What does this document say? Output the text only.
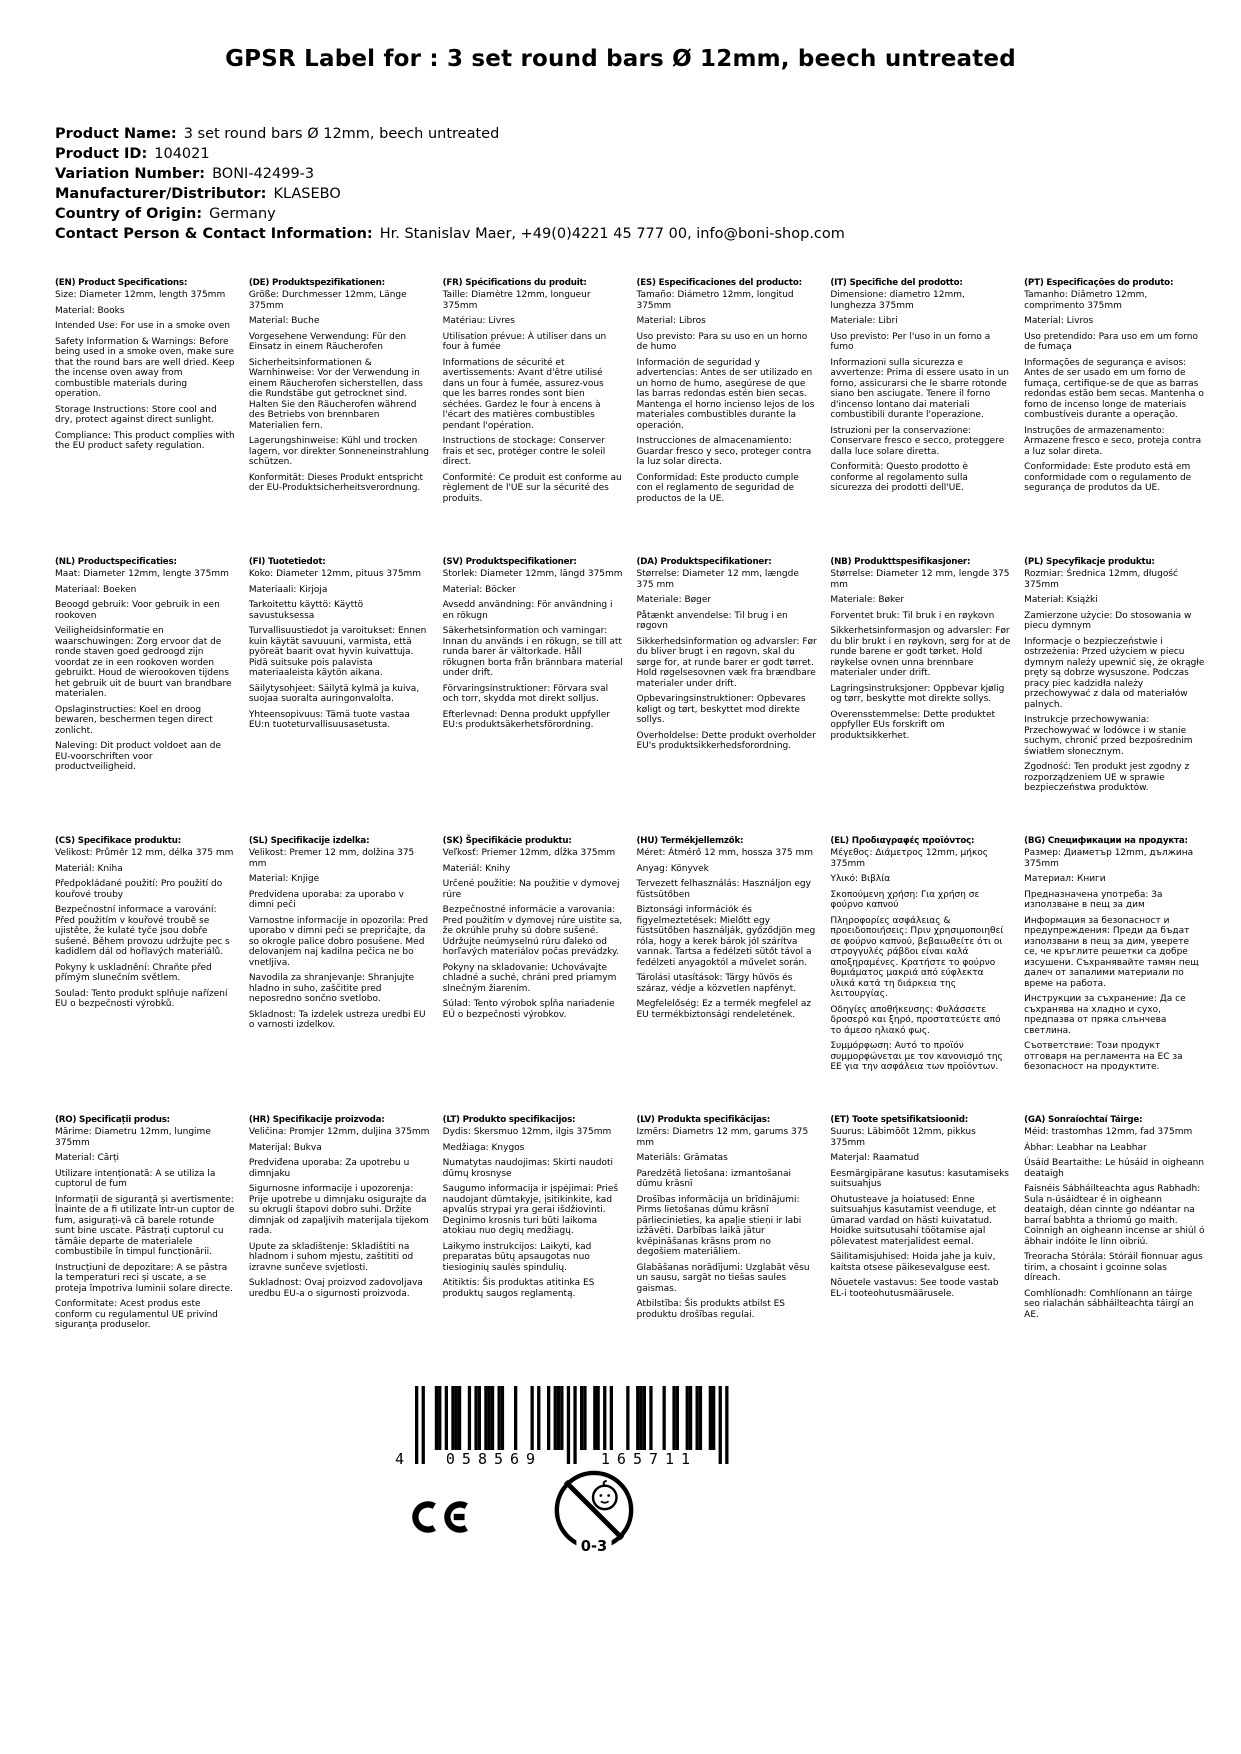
GPSR Label for : 3 set round bars Ø 12mm, beech untreated

Product Name: 3 set round bars Ø 12mm, beech untreated

Product ID: 104021

Variation Number: BONI-42499-3

Manufacturer/Distributor: KLASEBO

Country of Origin: Germany

Contact Person & Contact Information: Hr. Stanislav Maer, +49(0)4221 45 777 00, info@boni-shop.com

(EN) Product Specifications:

Size: Diameter 12mm, length 375mm

Material: Books

Intended Use: For use in a smoke oven

Safety Information & Warnings: Before being used in a smoke oven, make sure that the round bars are well dried. Keep the incense oven away from combustible materials during operation.

Storage Instructions: Store cool and dry, protect against direct sunlight.

Compliance: This product complies with the EU product safety regulation.

(DE) Produktspezifikationen:

Größe: Durchmesser 12mm, Länge 375mm

Material: Buche

Vorgesehene Verwendung: Für den Einsatz in einem Räucherofen

Sicherheitsinformationen & Warnhinweise: Vor der Verwendung in einem Räucherofen sicherstellen, dass die Rundstäbe gut getrocknet sind. Halten Sie den Räucherofen während des Betriebs von brennbaren Materialien fern.

Lagerungshinweise: Kühl und trocken lagern, vor direkter Sonneneinstrahlung schützen.

Konformität: Dieses Produkt entspricht der EU-Produktsicherheitsverordnung.

(FR) Spécifications du produit:

Taille: Diamètre 12mm, longueur 375mm

Matériau: Livres

Utilisation prévue: À utiliser dans un four à fumée

Informations de sécurité et avertissements: Avant d'être utilisé dans un four à fumée, assurez-vous que les barres rondes sont bien séchées. Gardez le four à encens à l'écart des matières combustibles pendant l'opération.

Instructions de stockage: Conserver frais et sec, protéger contre le soleil direct.

Conformité: Ce produit est conforme au règlement de l'UE sur la sécurité des produits.

(ES) Especificaciones del producto:

Tamaño: Diámetro 12mm, longitud 375mm

Material: Libros

Uso previsto: Para su uso en un horno de humo

Información de seguridad y advertencias: Antes de ser utilizado en un horno de humo, asegúrese de que las barras redondas estén bien secas. Mantenga el horno incienso lejos de los materiales combustibles durante la operación.

Instrucciones de almacenamiento: Guardar fresco y seco, proteger contra la luz solar directa.

Conformidad: Este producto cumple con el reglamento de seguridad de productos de la UE.

(IT) Specifiche del prodotto:

Dimensione: diametro 12mm, lunghezza 375mm

Materiale: Libri

Uso previsto: Per l'uso in un forno a fumo

Informazioni sulla sicurezza e avvertenze: Prima di essere usato in un forno, assicurarsi che le sbarre rotonde siano ben asciugate. Tenere il forno d'incenso lontano dai materiali combustibili durante l'operazione.

Istruzioni per la conservazione: Conservare fresco e secco, proteggere dalla luce solare diretta.

Conformità: Questo prodotto è conforme al regolamento sulla sicurezza dei prodotti dell'UE.

(PT) Especificações do produto:

Tamanho: Diâmetro 12mm, comprimento 375mm

Material: Livros

Uso pretendido: Para uso em um forno de fumaça

Informações de segurança e avisos: Antes de ser usado em um forno de fumaça, certifique-se de que as barras redondas estão bem secas. Mantenha o forno de incenso longe de materiais combustíveis durante a operação.

Instruções de armazenamento: Armazene fresco e seco, proteja contra a luz solar direta.

Conformidade: Este produto está em conformidade com o regulamento de segurança de produtos da UE.

(NL) Productspecificaties:

Maat: Diameter 12mm, lengte 375mm

Materiaal: Boeken

Beoogd gebruik: Voor gebruik in een rookoven

Veiligheidsinformatie en waarschuwingen: Zorg ervoor dat de ronde staven goed gedroogd zijn voordat ze in een rookoven worden gebruikt. Houd de wierookoven tijdens het gebruik uit de buurt van brandbare materialen.

Opslaginstructies: Koel en droog bewaren, beschermen tegen direct zonlicht.

Naleving: Dit product voldoet aan de EU-voorschriften voor productveiligheid.

(FI) Tuotetiedot:

Koko: Diameter 12mm, pituus 375mm

Materiaali: Kirjoja

Tarkoitettu käyttö: Käyttö savustuksessa

Turvallisuustiedot ja varoitukset: Ennen kuin käytät savuuuni, varmista, että pyöreät baarit ovat hyvin kuivattuja. Pidä suitsuke pois palavista materiaaleista käytön aikana.

Säilytysohjeet: Säilytä kylmä ja kuiva, suojaa suoralta auringonvalolta.

Yhteensopivuus: Tämä tuote vastaa EU:n tuoteturvallisuusasetusta.

(SV) Produktspecifikationer:

Storlek: Diameter 12mm, längd 375mm

Material: Böcker

Avsedd användning: För användning i en rökugn

Säkerhetsinformation och varningar: Innan du används i en rökugn, se till att runda barer är vältorkade. Håll rökugnen borta från brännbara material under drift.

Förvaringsinstruktioner: Förvara sval och torr, skydda mot direkt solljus.

Efterlevnad: Denna produkt uppfyller EU:s produktsäkerhetsförordning.

(DA) Produktspecifikationer:

Størrelse: Diameter 12 mm, længde 375 mm

Materiale: Bøger

Påtænkt anvendelse: Til brug i en røgovn

Sikkerhedsinformation og advarsler: Før du bliver brugt i en røgovn, skal du sørge for, at runde barer er godt tørret. Hold røgelsesovnen væk fra brændbare materialer under drift.

Opbevaringsinstruktioner: Opbevares køligt og tørt, beskyttet mod direkte sollys.

Overholdelse: Dette produkt overholder EU's produktsikkerhedsforordning.

(NB) Produkttspesifikasjoner:

Størrelse: Diameter 12 mm, lengde 375 mm

Materiale: Bøker

Forventet bruk: Til bruk i en røykovn

Sikkerhetsinformasjon og advarsler: Før du blir brukt i en røykovn, sørg for at de runde barene er godt tørket. Hold røykelse ovnen unna brennbare materialer under drift.

Lagringsinstruksjoner: Oppbevar kjølig og tørr, beskytte mot direkte sollys.

Overensstemmelse: Dette produktet oppfyller EUs forskrift om produktsikkerhet.

(PL) Specyfikacje produktu:

Rozmiar: Średnica 12mm, długość 375mm

Materiał: Książki

Zamierzone użycie: Do stosowania w piecu dymnym

Informacje o bezpieczeństwie i ostrzeżenia: Przed użyciem w piecu dymnym należy upewnić się, że okrągłe pręty są dobrze wysuszone. Podczas pracy piec kadzidła należy przechowywać z dala od materiałów palnych.

Instrukcje przechowywania: Przechowywać w lodówce i w stanie suchym, chronić przed bezpośrednim światłem słonecznym.

Zgodność: Ten produkt jest zgodny z rozporządzeniem UE w sprawie bezpieczeństwa produktów.

(CS) Specifikace produktu:

Velikost: Průměr 12 mm, délka 375 mm

Materiál: Kniha

Předpokládané použití: Pro použití do kouřové trouby

Bezpečnostní informace a varování: Před použitím v kouřové troubě se ujistěte, že kulaté tyče jsou dobře sušené. Během provozu udržujte pec s kadidlem dál od hořlavých materiálů.

Pokyny k uskladnění: Chraňte před přímým slunečním světlem.

Soulad: Tento produkt splňuje nařízení EU o bezpečnosti výrobků.

(SL) Specifikacije izdelka:

Velikost: Premer 12 mm, dolžina 375 mm

Material: Knjige

Predvidena uporaba: za uporabo v dimni peči

Varnostne informacije in opozorila: Pred uporabo v dimni peči se prepričajte, da so okrogle palice dobro posušene. Med delovanjem naj kadilna pečica ne bo vnetljiva.

Navodila za shranjevanje: Shranjujte hladno in suho, zaščitite pred neposredno sončno svetlobo.

Skladnost: Ta izdelek ustreza uredbi EU o varnosti izdelkov.

(SK) Špecifikácie produktu:

Veľkosť: Priemer 12mm, dĺžka 375mm

Materiál: Knihy

Určené použitie: Na použitie v dymovej rúre

Bezpečnostné informácie a varovania: Pred použitím v dymovej rúre uistite sa, že okrúhle pruhy sú dobre sušené. Udržujte neúmyselnú rúru ďaleko od horľavých materiálov počas prevádzky.

Pokyny na skladovanie: Uchovávajte chladné a suché, chráni pred priamym slnečným žiarením.

Súlad: Tento výrobok spĺňa nariadenie EÚ o bezpečnosti výrobkov.

(HU) Termékjellemzők:

Méret: Átmérő 12 mm, hossza 375 mm

Anyag: Könyvek

Tervezett felhasználás: Használjon egy füstsütőben

Biztonsági információk és figyelmeztetések: Mielőtt egy füstsütőben használják, győződjön meg róla, hogy a kerek bárok jól szárítva vannak. Tartsa a fedélzeti sütőt távol a fedélzeti anyagoktól a művelet során.

Tárolási utasítások: Tárgy hűvös és száraz, védje a közvetlen napfényt.

Megfelelőség: Ez a termék megfelel az EU termékbiztonsági rendeletének.

(EL) Προδιαγραφές προϊόντος:

Μέγεθος: Διάμετρος 12mm, μήκος 375mm

Υλικό: Βιβλία

Σκοπούμενη χρήση: Για χρήση σε φούρνο καπνού

Πληροφορίες ασφάλειας & προειδοποιήσεις: Πριν χρησιμοποιηθεί σε φούρνο καπνού, βεβαιωθείτε ότι οι στρογγυλές ράβδοι είναι καλά αποξηραμένες. Κρατήστε το φούρνο θυμιάματος μακριά από εύφλεκτα υλικά κατά τη διάρκεια της λειτουργίας.

Οδηγίες αποθήκευσης: Φυλάσσετε δροσερό και ξηρό, προστατεύετε από το άμεσο ηλιακό φως.

Συμμόρφωση: Αυτό το προϊόν συμμορφώνεται με τον κανονισμό της ΕΕ για την ασφάλεια των προϊόντων.

(BG) Спецификации на продукта:

Размер: Диаметър 12mm, дължина 375mm

Материал: Книги

Предназначена употреба: За използване в пещ за дим

Информация за безопасност и предупреждения: Преди да бъдат използвани в пещ за дим, уверете се, че кръглите решетки са добре изсушени. Съхранявайте тамян пещ далеч от запалими материали по време на работа.

Инструкции за съхранение: Да се съхранява на хладно и сухо, предпазва от пряка слънчева светлина.

Съответствие: Този продукт отговаря на регламента на ЕС за безопасност на продуктите.

(RO) Specificații produs:

Mărime: Diametru 12mm, lungime 375mm

Material: Cărți

Utilizare intenționată: A se utiliza la cuptorul de fum

Informații de siguranță și avertismente: Înainte de a fi utilizate într-un cuptor de fum, asigurați-vă că barele rotunde sunt bine uscate. Păstrați cuptorul cu tămâie departe de materialele combustibile în timpul funcționării.

Instrucțiuni de depozitare: A se păstra la temperaturi reci și uscate, a se proteja împotriva luminii solare directe.

Conformitate: Acest produs este conform cu regulamentul UE privind siguranța produselor.

(HR) Specifikacije proizvoda:

Veličina: Promjer 12mm, duljina 375mm

Materijal: Bukva

Predviđena uporaba: Za upotrebu u dimnjaku

Sigurnosne informacije i upozorenja: Prije upotrebe u dimnjaku osigurajte da su okrugli štapovi dobro suhi. Držite dimnjak od zapaljivih materijala tijekom rada.

Upute za skladištenje: Skladištiti na hladnom i suhom mjestu, zaštititi od izravne sunčeve svjetlosti.

Sukladnost: Ovaj proizvod zadovoljava uredbu EU-a o sigurnosti proizvoda.

(LT) Produkto specifikacijos:

Dydis: Skersmuo 12mm, ilgis 375mm

Medžiaga: Knygos

Numatytas naudojimas: Skirti naudoti dūmų krosnyse

Saugumo informacija ir įspėjimai: Prieš naudojant dūmtakyje, įsitikinkite, kad apvalūs strypai yra gerai išdžiovinti. Deginimo krosnis turi būti laikoma atokiau nuo degių medžiagų.

Laikymo instrukcijos: Laikyti, kad preparatas būtų apsaugotas nuo tiesioginių saulės spindulių.

Atitiktis: Šis produktas atitinka ES produktų saugos reglamentą.

(LV) Produkta specifikācijas:

Izmērs: Diametrs 12 mm, garums 375 mm

Materiāls: Grāmatas

Paredzētā lietošana: izmantošanai dūmu krāsnī

Drošības informācija un brīdinājumi: Pirms lietošanas dūmu krāsnī pārliecinieties, ka apaļie stieņi ir labi izžāvēti. Darbības laikā jātur kvēpināšanas krāsns prom no degošiem materiāliem.

Glabāšanas norādījumi: Uzglabāt vēsu un sausu, sargāt no tiešas saules gaismas.

Atbilstība: Šis produkts atbilst ES produktu drošības regulai.

(ET) Toote spetsifikatsioonid:

Suurus: Läbimõõt 12mm, pikkus 375mm

Materjal: Raamatud

Eesmärgipärane kasutus: kasutamiseks suitsuahjus

Ohutusteave ja hoiatused: Enne suitsuahjus kasutamist veenduge, et ümarad vardad on hästi kuivatatud. Hoidke suitsutusahi töötamise ajal põlevatest materjalidest eemal.

Säilitamisjuhised: Hoida jahe ja kuiv, kaitsta otsese päikesevalguse eest.

Nõuetele vastavus: See toode vastab EL-i tooteohutusmäärusele.

(GA) Sonraíochtaí Táirge:

Méid: trastomhas 12mm, fad 375mm

Ábhar: Leabhar na Leabhar

Úsáid Beartaithe: Le húsáid in oigheann deataigh

Faisnéis Sábháilteachta agus Rabhadh: Sula n-úsáidtear é in oigheann deataigh, déan cinnte go ndéantar na barraí babhta a thriomú go maith. Coinnigh an oigheann incense ar shiúl ó ábhair indóite le linn oibriú.

Treoracha Stórála: Stóráil fionnuar agus tirim, a chosaint i gcoinne solas díreach.

Comhlíonadh: Comhlíonann an táirge seo rialachán sábháilteachta táirgí an AE.

4	058569	165711
0-3
